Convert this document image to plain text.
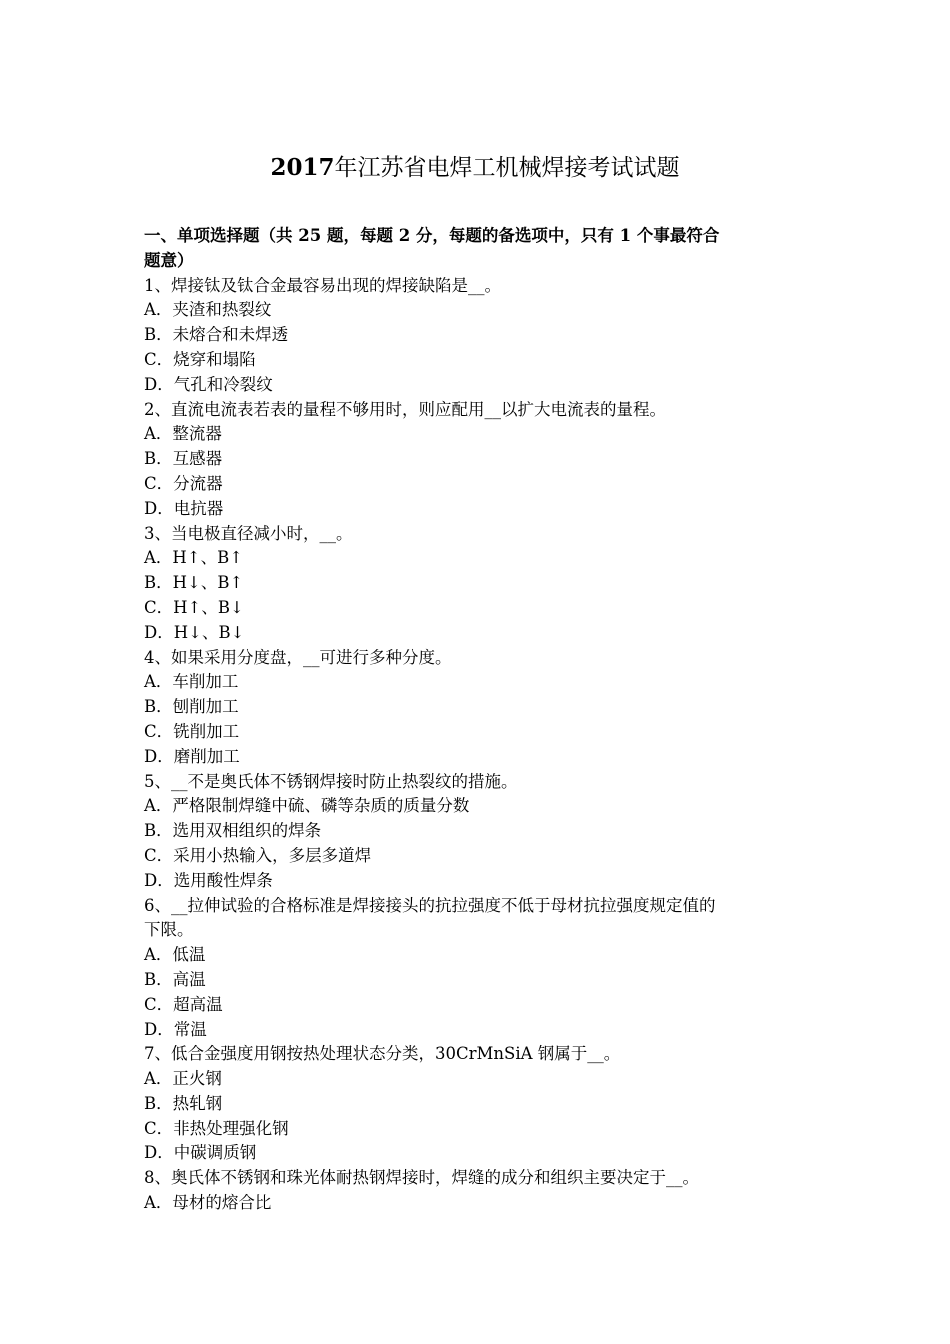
2017年江苏省电焊工机械焊接考试试题

一、单项选择题（共 25 题，每题 2 分，每题的备选项中，只有 1 个事最符合

题意）

1、焊接钛及钛合金最容易出现的焊接缺陷是__。

A．夹渣和热裂纹

B．未熔合和未焊透

C．烧穿和塌陷

D．气孔和冷裂纹

2、直流电流表若表的量程不够用时，则应配用__以扩大电流表的量程。

A．整流器

B．互感器

C．分流器

D．电抗器

3、当电极直径减小时，__。

A．H↑、B↑

B．H↓、B↑

C．H↑、B↓

D．H↓、B↓

4、如果采用分度盘，__可进行多种分度。

A．车削加工

B．刨削加工

C．铣削加工

D．磨削加工

5、__不是奥氏体不锈钢焊接时防止热裂纹的措施。

A．严格限制焊缝中硫、磷等杂质的质量分数

B．选用双相组织的焊条

C．采用小热输入，多层多道焊

D．选用酸性焊条

6、__拉伸试验的合格标准是焊接接头的抗拉强度不低于母材抗拉强度规定值的

下限。

A．低温

B．高温

C．超高温

D．常温

7、低合金强度用钢按热处理状态分类，30CrMnSiA 钢属于__。

A．正火钢

B．热轧钢

C．非热处理强化钢

D．中碳调质钢

8、奥氏体不锈钢和珠光体耐热钢焊接时，焊缝的成分和组织主要决定于__。

A．母材的熔合比
